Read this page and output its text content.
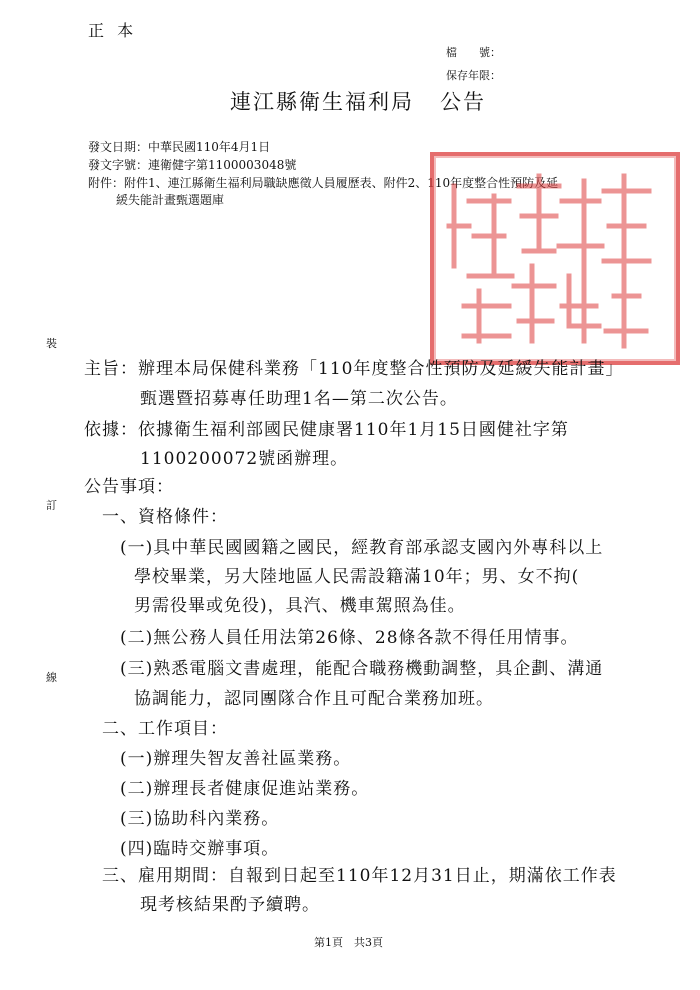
正 本
檔　　號：
保存年限：
連江縣衛生福利局 公告
發文日期：中華民國110年4月1日
發文字號：連衛健字第1100003048號
附件：附件1、連江縣衛生福利局職缺應徵人員履歷表、附件2、110年度整合性預防及延
緩失能計畫甄選題庫
裝
訂
線
主旨：辦理本局保健科業務「110年度整合性預防及延緩失能計畫」
甄選暨招募專任助理1名—第二次公告。
依據：依據衛生福利部國民健康署110年1月15日國健社字第
1100200072號函辦理。
公告事項：
一、資格條件：
(一)具中華民國國籍之國民，經教育部承認支國內外專科以上
學校畢業，另大陸地區人民需設籍滿10年；男、女不拘(
男需役畢或免役)，具汽、機車駕照為佳。
(二)無公務人員任用法第26條、28條各款不得任用情事。
(三)熟悉電腦文書處理，能配合職務機動調整，具企劃、溝通
協調能力，認同團隊合作且可配合業務加班。
二、工作項目：
(一)辦理失智友善社區業務。
(二)辦理長者健康促進站業務。
(三)協助科內業務。
(四)臨時交辦事項。
三、雇用期間：自報到日起至110年12月31日止，期滿依工作表
現考核結果酌予續聘。
第1頁　共3頁
